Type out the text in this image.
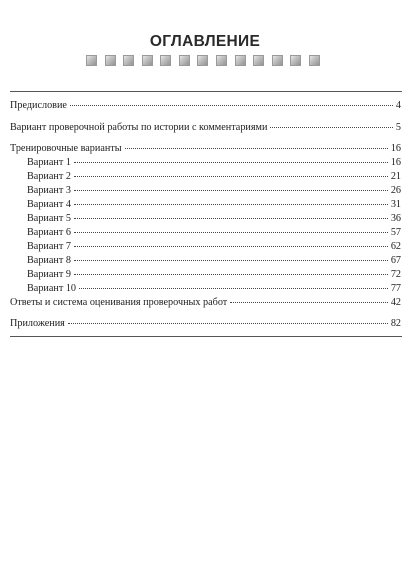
ОГЛАВЛЕНИЕ
Предисловие	4
Вариант проверочной работы по истории с комментариями	5
Тренировочные варианты	16
Вариант 1	16
Вариант 2	21
Вариант 3	26
Вариант 4	31
Вариант 5	36
Вариант 6	57
Вариант 7	62
Вариант 8	67
Вариант 9	72
Вариант 10	77
Ответы и система оценивания проверочных работ	42
Приложения	82
